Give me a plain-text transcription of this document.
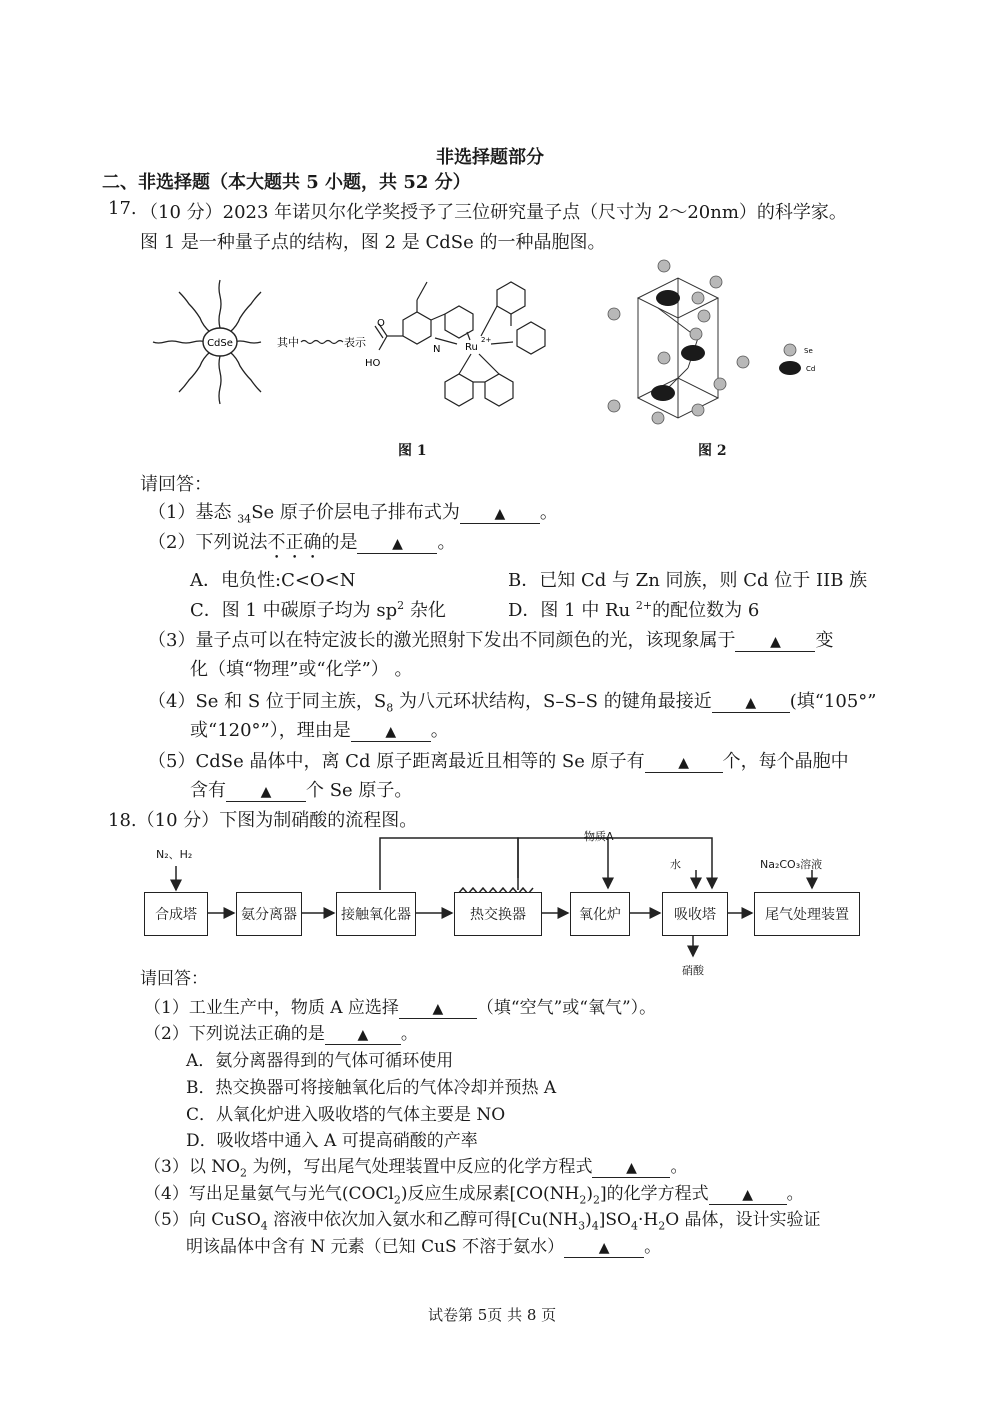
非选择题部分
二、非选择题（本大题共 5 小题，共 52 分）
17. （10 分）2023 年诺贝尔化学奖授予了三位研究量子点（尺寸为 2～20nm）的科学家。
图 1 是一种量子点的结构，图 2 是 CdSe 的一种晶胞图。
CdSe	其中	表示
O
HO
N Ru
2+
图 1
Se
Cd
图 2
请回答：
（1）基态 $_{34}$Se 原子价层电子排布式为 ▲ 。
（2）下列说法不正确的是 ▲ 。
A．电负性:C<O<N	B．已知 Cd 与 Zn 同族，则 Cd 位于 IIB 族
C．图 1 中碳原子均为 $sp^2$ 杂化	D．图 1 中 Ru $^{2+}$的配位数为 6
（3）量子点可以在特定波长的激光照射下发出不同颜色的光，该现象属于 ▲ 变
化（填“物理”或“化学”） 。
（4）Se 和 S 位于同主族，$S_8$ 为八元环状结构，S–S–S 的键角最接近 ▲ (填“105°”
或“120°”），理由是 ▲ 。
（5）CdSe 晶体中，离 Cd 原子距离最近且相等的 Se 原子有 ▲ 个，每个晶胞中
含有 ▲ 个 Se 原子。
18.（10 分）下图为制硝酸的流程图。
N₂、H₂
物质A
水	Na₂CO₃溶液
硝酸
合成塔	氨分离器	接触氧化器	热交换器	氧化炉	吸收塔	尾气处理装置
请回答：
（1）工业生产中，物质 A 应选择 ▲ （填“空气”或“氧气”）。
（2）下列说法正确的是 ▲ 。
A．氨分离器得到的气体可循环使用
B．热交换器可将接触氧化后的气体冷却并预热 A
C．从氧化炉进入吸收塔的气体主要是 NO
D．吸收塔中通入 A 可提高硝酸的产率
（3）以 $NO_2$ 为例，写出尾气处理装置中反应的化学方程式 ▲ 。
（4）写出足量氨气与光气(COCl$_2$)反应生成尿素$[CO(NH_2)_2]$的化学方程式 ▲ 。
（5）向 CuSO$_4$ 溶液中依次加入氨水和乙醇可得$[Cu(NH_3)_4]SO_4\cdot H_2O$ 晶体，设计实验证
明该晶体中含有 N 元素（已知 CuS 不溶于氨水） ▲ 。
试卷第 5页 共 8 页
